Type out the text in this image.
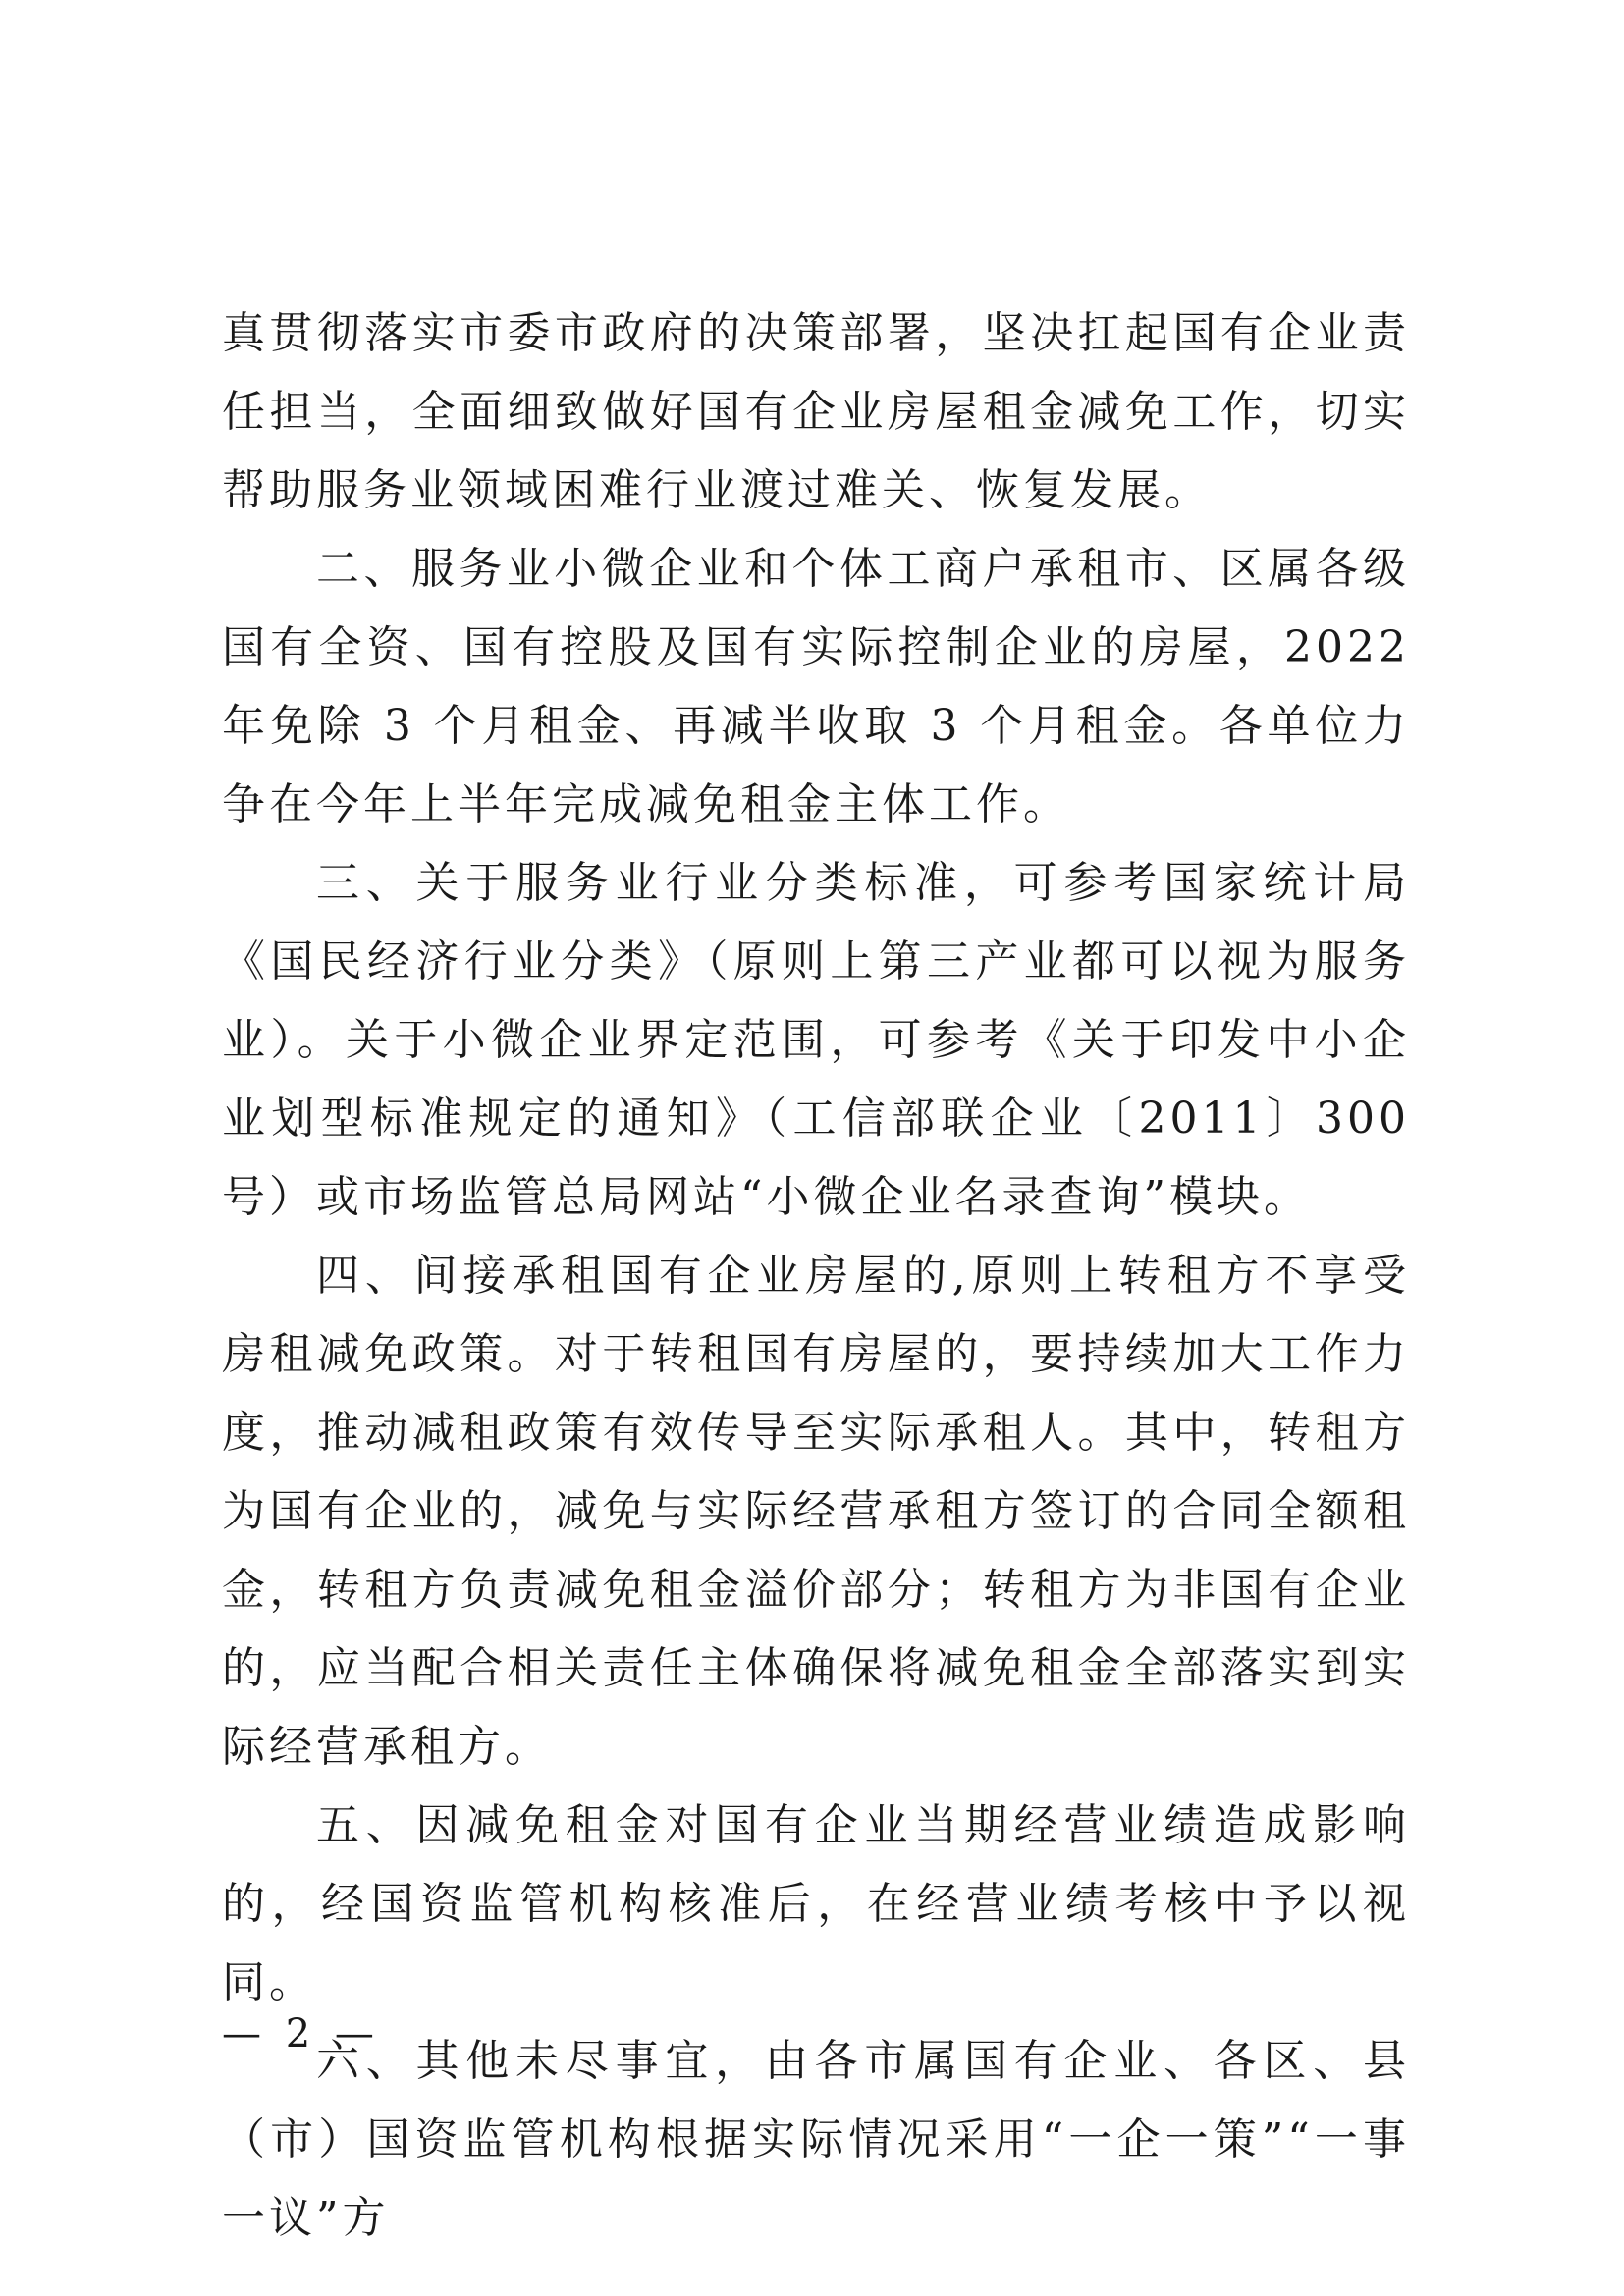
真贯彻落实市委市政府的决策部署，坚决扛起国有企业责任担当，全面细致做好国有企业房屋租金减免工作，切实帮助服务业领域困难行业渡过难关、恢复发展。

二、服务业小微企业和个体工商户承租市、区属各级国有全资、国有控股及国有实际控制企业的房屋，2022 年免除 3 个月租金、再减半收取 3 个月租金。各单位力争在今年上半年完成减免租金主体工作。

三、关于服务业行业分类标准，可参考国家统计局《国民经济行业分类》（原则上第三产业都可以视为服务业）。关于小微企业界定范围，可参考《关于印发中小企业划型标准规定的通知》（工信部联企业〔2011〕300 号）或市场监管总局网站“小微企业名录查询”模块。

四、间接承租国有企业房屋的,原则上转租方不享受房租减免政策。对于转租国有房屋的，要持续加大工作力度，推动减租政策有效传导至实际承租人。其中，转租方为国有企业的，减免与实际经营承租方签订的合同全额租金，转租方负责减免租金溢价部分；转租方为非国有企业的，应当配合相关责任主体确保将减免租金全部落实到实际经营承租方。

五、因减免租金对国有企业当期经营业绩造成影响的，经国资监管机构核准后，在经营业绩考核中予以视同。

六、其他未尽事宜，由各市属国有企业、各区、县（市）国资监管机构根据实际情况采用“一企一策”“一事一议”方

— 2 —
